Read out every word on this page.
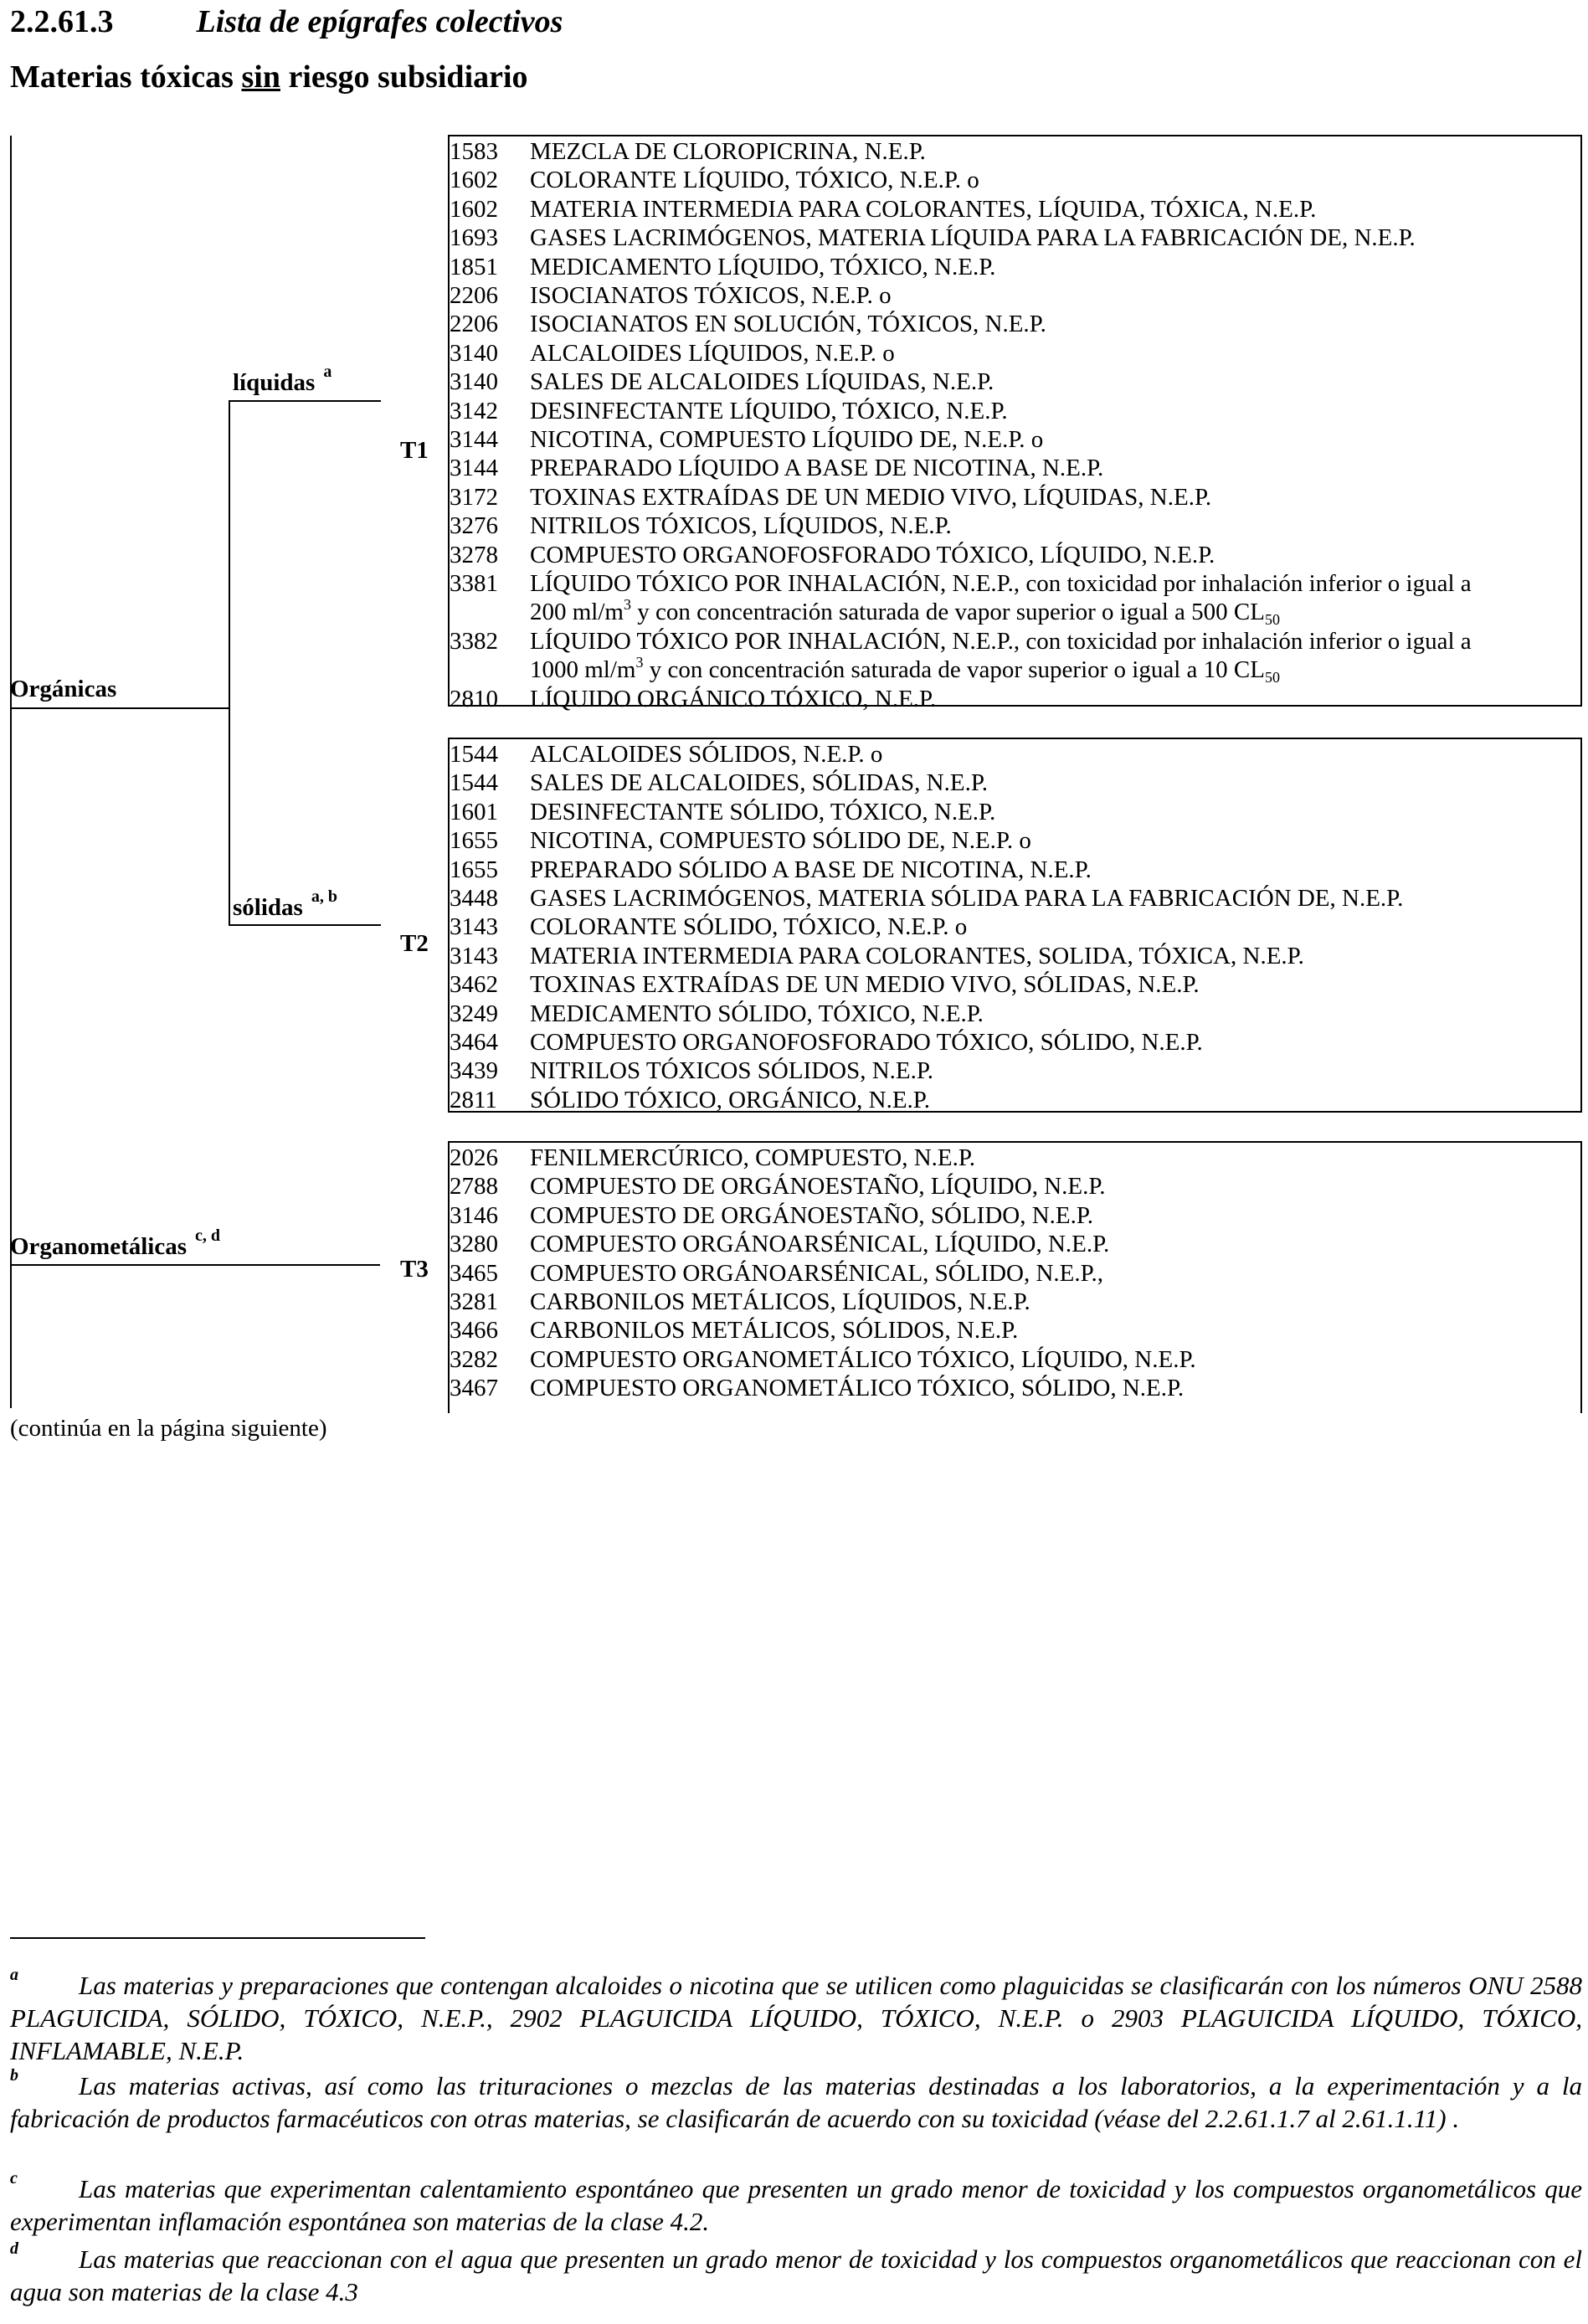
2.2.61.3	Lista de epígrafes colectivos
Materias tóxicas sin riesgo subsidiario
Orgánicas
líquidas $^a$
sólidas $^{a, b}$
Organometálicas $^{c, d}$
T1
T2
T3
(continúa en la página siguiente)
1583 MEZCLA DE CLOROPICRINA, N.E.P.
1602 COLORANTE LÍQUIDO, TÓXICO, N.E.P. o
1602 MATERIA INTERMEDIA PARA COLORANTES, LÍQUIDA, TÓXICA, N.E.P.
1693 GASES LACRIMÓGENOS, MATERIA LÍQUIDA PARA LA FABRICACIÓN DE, N.E.P.
1851 MEDICAMENTO LÍQUIDO, TÓXICO, N.E.P.
2206 ISOCIANATOS TÓXICOS, N.E.P. o
2206 ISOCIANATOS EN SOLUCIÓN, TÓXICOS, N.E.P.
3140 ALCALOIDES LÍQUIDOS, N.E.P. o
3140 SALES DE ALCALOIDES LÍQUIDAS, N.E.P.
3142 DESINFECTANTE LÍQUIDO, TÓXICO, N.E.P.
3144 NICOTINA, COMPUESTO LÍQUIDO DE, N.E.P. o
3144 PREPARADO LÍQUIDO A BASE DE NICOTINA, N.E.P.
3172 TOXINAS EXTRAÍDAS DE UN MEDIO VIVO, LÍQUIDAS, N.E.P.
3276 NITRILOS TÓXICOS, LÍQUIDOS, N.E.P.
3278 COMPUESTO ORGANOFOSFORADO TÓXICO, LÍQUIDO, N.E.P.
3381 LÍQUIDO TÓXICO POR INHALACIÓN, N.E.P., con toxicidad por inhalación inferior o igual a
200 $ml/m^3$ y con concentración saturada de vapor superior o igual a 500 $CL_{50}$
3382 LÍQUIDO TÓXICO POR INHALACIÓN, N.E.P., con toxicidad por inhalación inferior o igual a
1000 $ml/m^3$ y con concentración saturada de vapor superior o igual a 10 $CL_{50}$
2810 LÍQUIDO ORGÁNICO TÓXICO, N.E.P.
1544 ALCALOIDES SÓLIDOS, N.E.P. o
1544 SALES DE ALCALOIDES, SÓLIDAS, N.E.P.
1601 DESINFECTANTE SÓLIDO, TÓXICO, N.E.P.
1655 NICOTINA, COMPUESTO SÓLIDO DE, N.E.P. o
1655 PREPARADO SÓLIDO A BASE DE NICOTINA, N.E.P.
3448 GASES LACRIMÓGENOS, MATERIA SÓLIDA PARA LA FABRICACIÓN DE, N.E.P.
3143 COLORANTE SÓLIDO, TÓXICO, N.E.P. o
3143 MATERIA INTERMEDIA PARA COLORANTES, SOLIDA, TÓXICA, N.E.P.
3462 TOXINAS EXTRAÍDAS DE UN MEDIO VIVO, SÓLIDAS, N.E.P.
3249 MEDICAMENTO SÓLIDO, TÓXICO, N.E.P.
3464 COMPUESTO ORGANOFOSFORADO TÓXICO, SÓLIDO, N.E.P.
3439 NITRILOS TÓXICOS SÓLIDOS, N.E.P.
2811 SÓLIDO TÓXICO, ORGÁNICO, N.E.P.
2026 FENILMERCÚRICO, COMPUESTO, N.E.P.
2788 COMPUESTO DE ORGÁNOESTAÑO, LÍQUIDO, N.E.P.
3146 COMPUESTO DE ORGÁNOESTAÑO, SÓLIDO, N.E.P.
3280 COMPUESTO ORGÁNOARSÉNICAL, LÍQUIDO, N.E.P.
3465 COMPUESTO ORGÁNOARSÉNICAL, SÓLIDO, N.E.P.,
3281 CARBONILOS METÁLICOS, LÍQUIDOS, N.E.P.
3466 CARBONILOS METÁLICOS, SÓLIDOS, N.E.P.
3282 COMPUESTO ORGANOMETÁLICO TÓXICO, LÍQUIDO, N.E.P.
3467 COMPUESTO ORGANOMETÁLICO TÓXICO, SÓLIDO, N.E.P.
a	Las materias y preparaciones que contengan alcaloides o nicotina que se utilicen como plaguicidas se clasificarán con los números ONU 2588 PLAGUICIDA, SÓLIDO, TÓXICO, N.E.P., 2902 PLAGUICIDA LÍQUIDO, TÓXICO, N.E.P. o 2903 PLAGUICIDA LÍQUIDO, TÓXICO, INFLAMABLE, N.E.P.
b	Las materias activas, así como las trituraciones o mezclas de las materias destinadas a los laboratorios, a la experimentación y a la fabricación de productos farmacéuticos con otras materias, se clasificarán de acuerdo con su toxicidad (véase del 2.2.61.1.7 al 2.61.1.11) .
c	Las materias que experimentan calentamiento espontáneo que presenten un grado menor de toxicidad y los compuestos organometálicos que experimentan inflamación espontánea son materias de la clase 4.2.
d	Las materias que reaccionan con el agua que presenten un grado menor de toxicidad y los compuestos organometálicos que reaccionan con el agua son materias de la clase 4.3
